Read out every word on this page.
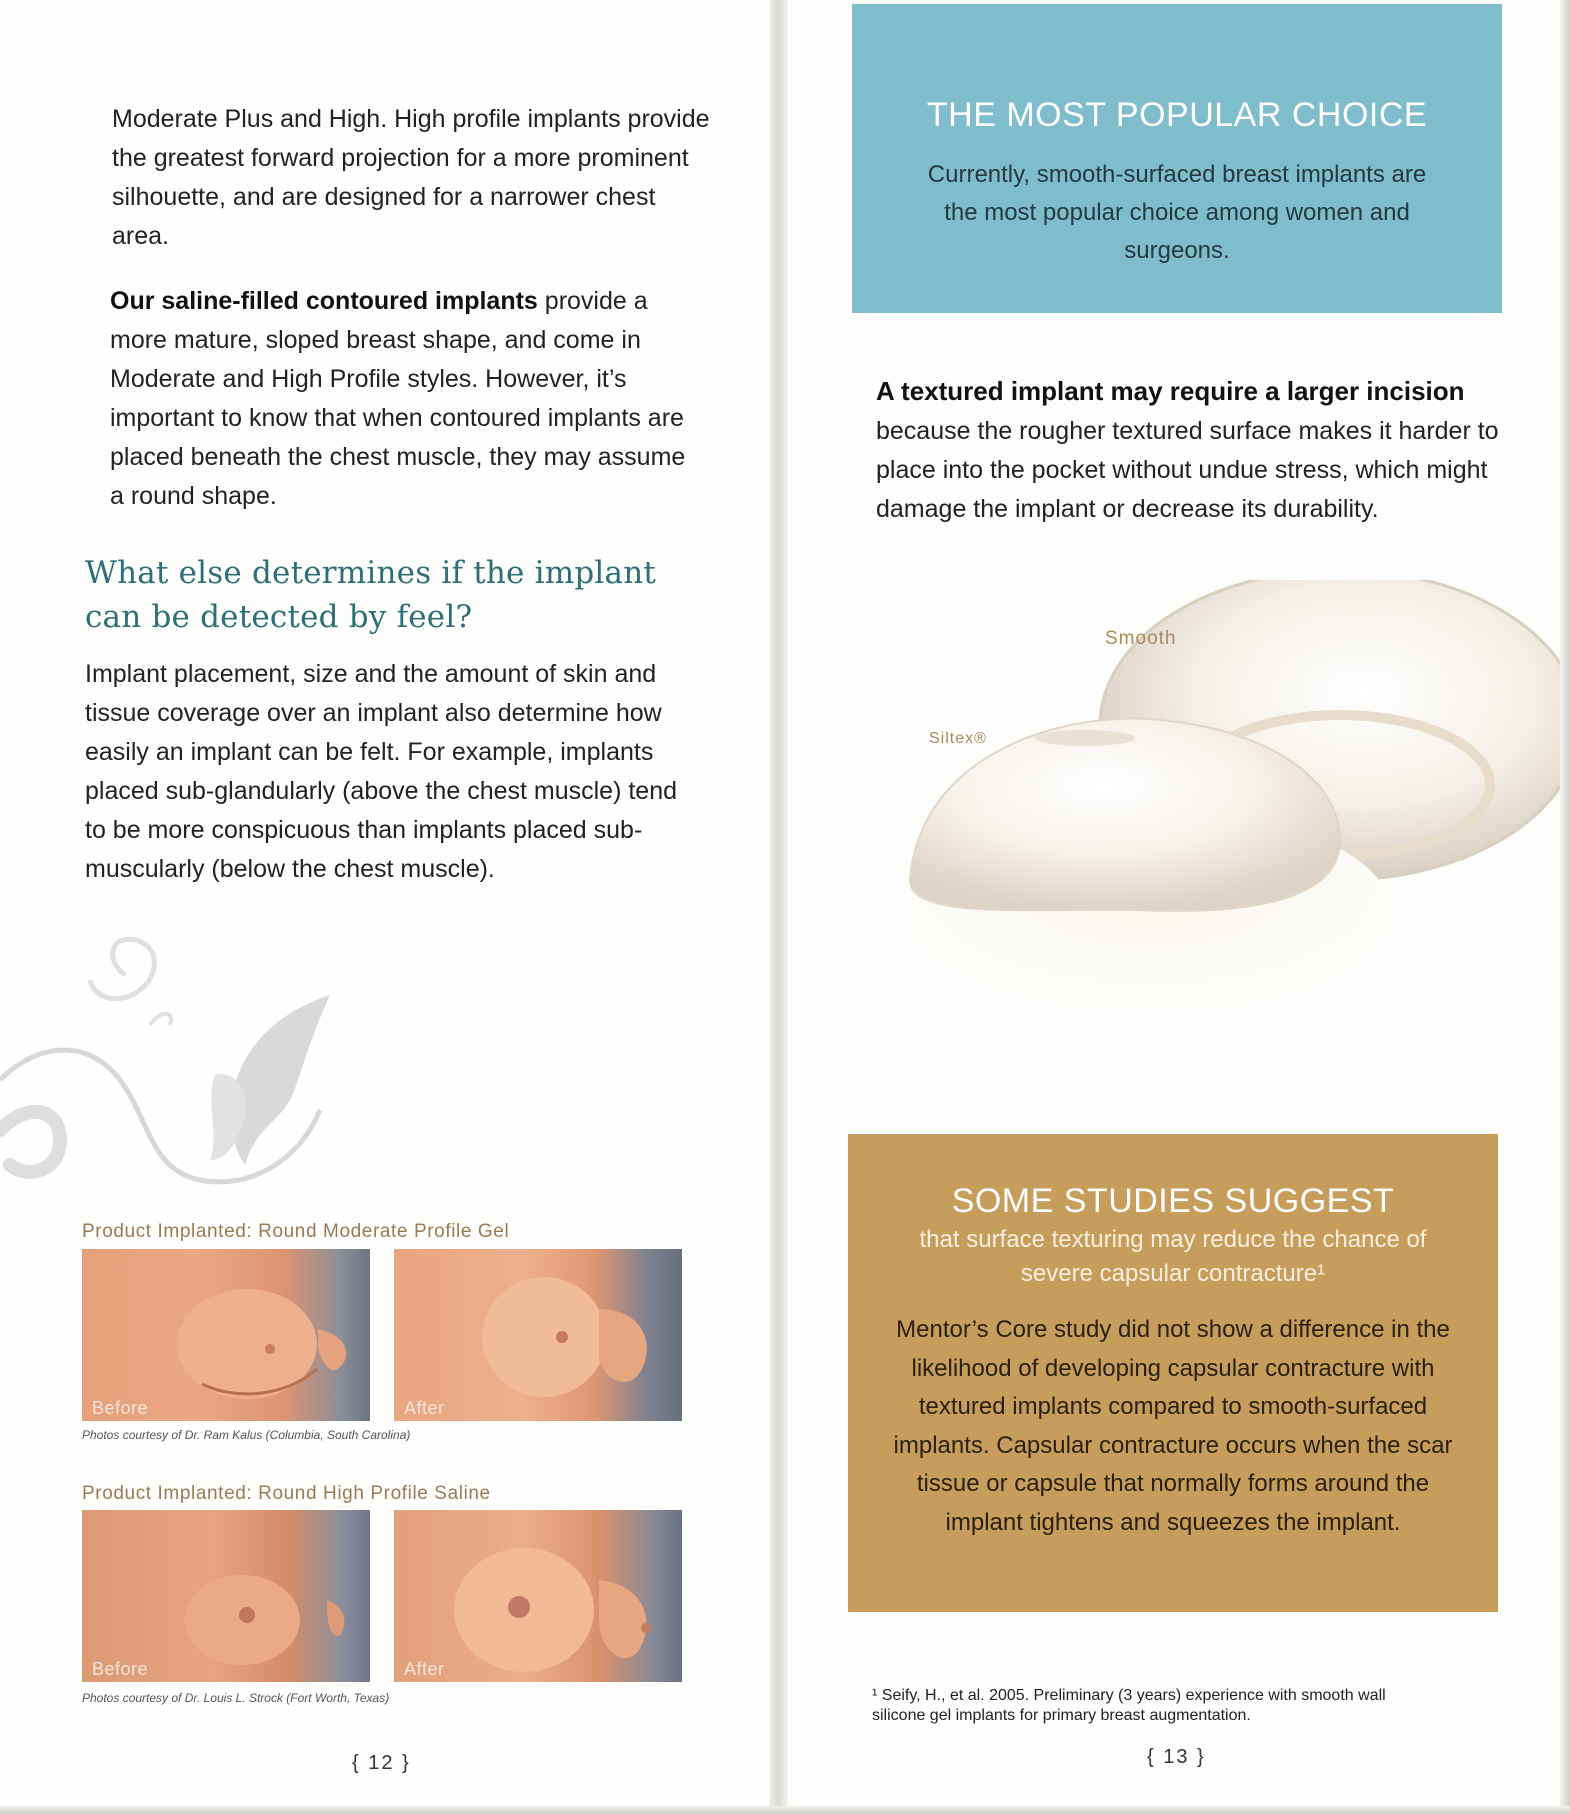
Moderate Plus and High. High profile implants provide the greatest forward projection for a more prominent silhouette, and are designed for a narrower chest area.

Our saline-filled contoured implants provide a more mature, sloped breast shape, and come in Moderate and High Profile styles. However, it’s important to know that when contoured implants are placed beneath the chest muscle, they may assume a round shape.

What else determines if the implant
can be detected by feel?

Implant placement, size and the amount of skin and tissue coverage over an implant also determine how easily an implant can be felt. For example, implants placed sub-glandularly (above the chest muscle) tend to be more conspicuous than implants placed sub-muscularly (below the chest muscle).

Product Implanted: Round Moderate Profile Gel
Before	After
Photos courtesy of Dr. Ram Kalus (Columbia, South Carolina)
Product Implanted: Round High Profile Saline
Before	After
Photos courtesy of Dr. Louis L. Strock (Fort Worth, Texas)
{ 12 }
THE MOST POPULAR CHOICE
Currently, smooth-surfaced breast implants are the most popular choice among women and surgeons.

A textured implant may require a larger incision because the rougher textured surface makes it harder to place into the pocket without undue stress, which might damage the implant or decrease its durability.

Smooth
Siltex®
SOME STUDIES SUGGEST
that surface texturing may reduce the chance of
severe capsular contracture¹
Mentor’s Core study did not show a difference in the likelihood of developing capsular contracture with textured implants compared to smooth-surfaced implants. Capsular contracture occurs when the scar tissue or capsule that normally forms around the implant tightens and squeezes the implant.
¹ Seify, H., et al. 2005. Preliminary (3 years) experience with smooth wall silicone gel implants for primary breast augmentation.
{ 13 }
